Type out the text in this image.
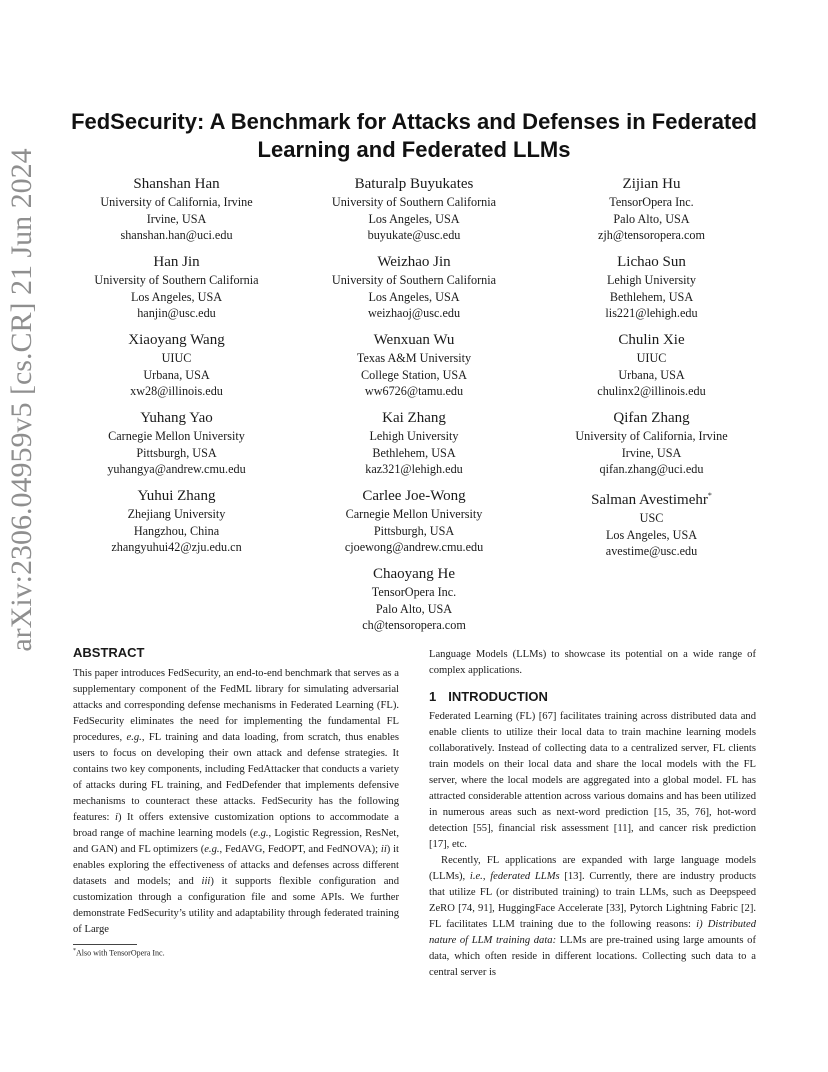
arXiv:2306.04959v5 [cs.CR] 21 Jun 2024
FedSecurity: A Benchmark for Attacks and Defenses in Federated Learning and Federated LLMs
Shanshan Han
University of California, Irvine
Irvine, USA
shanshan.han@uci.edu
Baturalp Buyukates
University of Southern California
Los Angeles, USA
buyukate@usc.edu
Zijian Hu
TensorOpera Inc.
Palo Alto, USA
zjh@tensoropera.com
Han Jin
University of Southern California
Los Angeles, USA
hanjin@usc.edu
Weizhao Jin
University of Southern California
Los Angeles, USA
weizhaoj@usc.edu
Lichao Sun
Lehigh University
Bethlehem, USA
lis221@lehigh.edu
Xiaoyang Wang
UIUC
Urbana, USA
xw28@illinois.edu
Wenxuan Wu
Texas A&M University
College Station, USA
ww6726@tamu.edu
Chulin Xie
UIUC
Urbana, USA
chulinx2@illinois.edu
Yuhang Yao
Carnegie Mellon University
Pittsburgh, USA
yuhangya@andrew.cmu.edu
Kai Zhang
Lehigh University
Bethlehem, USA
kaz321@lehigh.edu
Qifan Zhang
University of California, Irvine
Irvine, USA
qifan.zhang@uci.edu
Yuhui Zhang
Zhejiang University
Hangzhou, China
zhangyuhui42@zju.edu.cn
Carlee Joe-Wong
Carnegie Mellon University
Pittsburgh, USA
cjoewong@andrew.cmu.edu
Salman Avestimehr*
USC
Los Angeles, USA
avestime@usc.edu
Chaoyang He
TensorOpera Inc.
Palo Alto, USA
ch@tensoropera.com
ABSTRACT

This paper introduces FedSecurity, an end-to-end benchmark that serves as a supplementary component of the FedML library for simulating adversarial attacks and corresponding defense mechanisms in Federated Learning (FL). FedSecurity eliminates the need for implementing the fundamental FL procedures, e.g., FL training and data loading, from scratch, thus enables users to focus on developing their own attack and defense strategies. It contains two key components, including FedAttacker that conducts a variety of attacks during FL training, and FedDefender that implements defensive mechanisms to counteract these attacks. FedSecurity has the following features: i) It offers extensive customization options to accommodate a broad range of machine learning models (e.g., Logistic Regression, ResNet, and GAN) and FL optimizers (e.g., FedAVG, FedOPT, and FedNOVA); ii) it enables exploring the effectiveness of attacks and defenses across different datasets and models; and iii) it supports flexible configuration and customization through a configuration file and some APIs. We further demonstrate FedSecurity’s utility and adaptability through federated training of Large

*Also with TensorOpera Inc.

Language Models (LLMs) to showcase its potential on a wide range of complex applications.

1 INTRODUCTION

Federated Learning (FL) [67] facilitates training across distributed data and enable clients to utilize their local data to train machine learning models collaboratively. Instead of collecting data to a centralized server, FL clients train models on their local data and share the local models with the FL server, where the local models are aggregated into a global model. FL has attracted considerable attention across various domains and has been utilized in numerous areas such as next-word prediction [15, 35, 76], hot-word detection [55], financial risk assessment [11], and cancer risk prediction [17], etc.

Recently, FL applications are expanded with large language models (LLMs), i.e., federated LLMs [13]. Currently, there are industry products that utilize FL (or distributed training) to train LLMs, such as Deepspeed ZeRO [74, 91], HuggingFace Accelerate [33], Pytorch Lightning Fabric [2]. FL facilitates LLM training due to the following reasons: i) Distributed nature of LLM training data: LLMs are pre-trained using large amounts of data, which often reside in different locations. Collecting such data to a central server is
